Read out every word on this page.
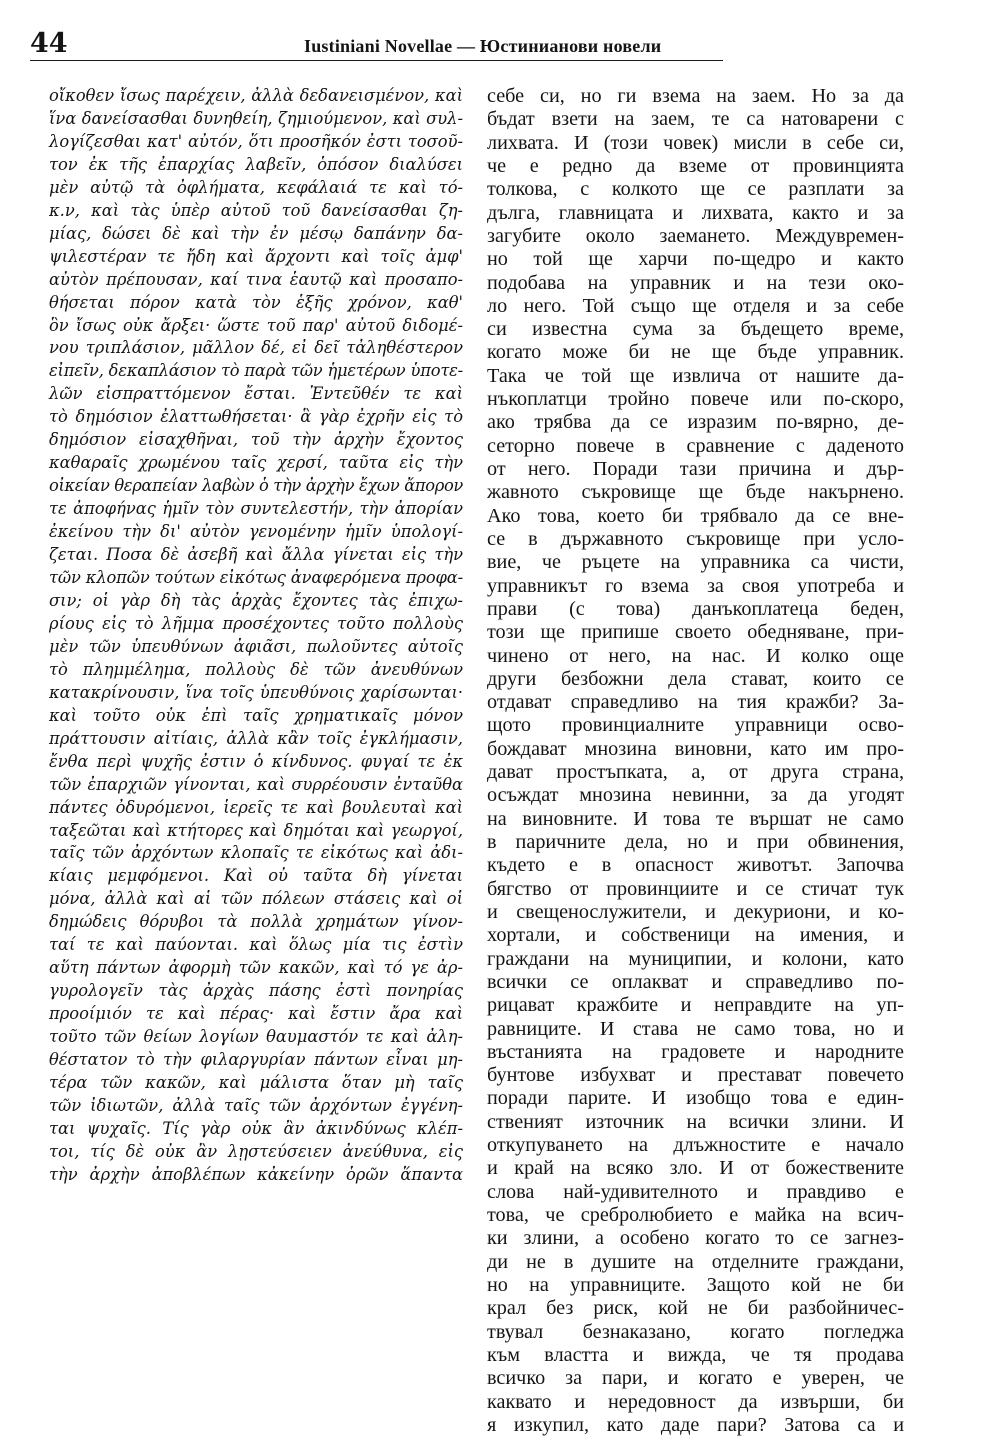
44	Iustiniani Novellae — Юстинианови новели
οἴκοθεν ἴσως παρέχειν, ἀλλὰ δεδανεισμένον, καὶ
ἵνα δανείσασθαι δυνηθείη, ζημιούμενον, καὶ συλ-
λογίζεσθαι κατ' αὐτόν, ὅτι προσῆκόν ἐστι τοσοῦ-
τον ἐκ τῆς ἐπαρχίας λαβεῖν, ὁπόσον διαλύσει
μὲν αὐτῷ τὰ ὀφλήματα, κεφάλαιά τε καὶ τό-
κ.ν, καὶ τὰς ὑπὲρ αὐτοῦ τοῦ δανείσασθαι ζη-
μίας, δώσει δὲ καὶ τὴν ἐν μέσῳ δαπάνην δα-
ψιλεστέραν τε ἤδη καὶ ἄρχοντι καὶ τοῖς ἀμφ'
αὐτὸν πρέπουσαν, καί τινα ἑαυτῷ καὶ προσαπο-
θήσεται πόρον κατὰ τὸν ἑξῆς χρόνον, καθ'
ὃν ἴσως οὐκ ἄρξει· ὥστε τοῦ παρ' αὐτοῦ διδομέ-
νου τριπλάσιον, μᾶλλον δέ, εἰ δεῖ τἀληθέστερον
εἰπεῖν, δεκαπλάσιον τὸ παρὰ τῶν ἡμετέρων ὑποτε-
λῶν εἰσπραττόμενον ἔσται. Ἐντεῦθέν τε καὶ
τὸ δημόσιον ἐλαττωθήσεται· ἃ γὰρ ἐχρῆν εἰς τὸ
δημόσιον εἰσαχθῆναι, τοῦ τὴν ἀρχὴν ἔχοντος
καθαραῖς χρωμένου ταῖς χερσί, ταῦτα εἰς τὴν
οἰκείαν θεραπείαν λαβὼν ὁ τὴν ἀρχὴν ἔχων ἄπορον
τε ἀποφήνας ἡμῖν τὸν συντελεστήν, τὴν ἀπορίαν
ἐκείνου τὴν δι' αὐτὸν γενομένην ἡμῖν ὑπολογί-
ζεται. Ποσα δὲ ἀσεβῆ καὶ ἄλλα γίνεται εἰς τὴν
τῶν κλοπῶν τούτων εἰκότως ἀναφερόμενα προφα-
σιν; οἱ γὰρ δὴ τὰς ἀρχὰς ἔχοντες τὰς ἐπιχω-
ρίους εἰς τὸ λῆμμα προσέχοντες τοῦτο πολλοὺς
μὲν τῶν ὑπευθύνων ἀφιᾶσι, πωλοῦντες αὐτοῖς
τὸ πλημμέλημα, πολλοὺς δὲ τῶν ἀνευθύνων
κατακρίνουσιν, ἵνα τοῖς ὑπευθύνοις χαρίσωνται·
καὶ τοῦτο οὐκ ἐπὶ ταῖς χρηματικαῖς μόνον
πράττουσιν αἰτίαις, ἀλλὰ κἂν τοῖς ἐγκλήμασιν,
ἔνθα περὶ ψυχῆς ἐστιν ὁ κίνδυνος. φυγαί τε ἐκ
τῶν ἐπαρχιῶν γίνονται, καὶ συρρέουσιν ἐνταῦθα
πάντες ὀδυρόμενοι, ἱερεῖς τε καὶ βουλευταὶ καὶ
ταξεῶται καὶ κτήτορες καὶ δημόται καὶ γεωργοί,
ταῖς τῶν ἀρχόντων κλοπαῖς τε εἰκότως καὶ ἀδι-
κίαις μεμφόμενοι. Καὶ οὐ ταῦτα δὴ γίνεται
μόνα, ἀλλὰ καὶ αἱ τῶν πόλεων στάσεις καὶ οἱ
δημώδεις θόρυβοι τὰ πολλὰ χρημάτων γίνον-
ταί τε καὶ παύονται. καὶ ὅλως μία τις ἐστὶν
αὕτη πάντων ἀφορμὴ τῶν κακῶν, καὶ τό γε ἀρ-
γυρολογεῖν τὰς ἀρχὰς πάσης ἐστὶ πονηρίας
προοίμιόν τε καὶ πέρας· καὶ ἔστιν ἄρα καὶ
τοῦτο τῶν θείων λογίων θαυμαστόν τε καὶ ἀλη-
θέστατον τὸ τὴν φιλαργυρίαν πάντων εἶναι μη-
τέρα τῶν κακῶν, καὶ μάλιστα ὅταν μὴ ταῖς
τῶν ἰδιωτῶν, ἀλλὰ ταῖς τῶν ἀρχόντων ἐγγένη-
ται ψυχαῖς. Τίς γὰρ οὐκ ἂν ἀκινδύνως κλέπ-
τοι, τίς δὲ οὐκ ἂν λῃστεύσειεν ἀνεύθυνα, εἰς
τὴν ἀρχὴν ἀποβλέπων κἀκείνην ὁρῶν ἅπαντα
себе си, но ги взема на заем. Но за да
бъдат взети на заем, те са натоварени с
лихвата. И (този човек) мисли в себе си,
че е редно да вземе от провинцията
толкова, с колкото ще се разплати за
дълга, главницата и лихвата, както и за
загубите около заемането. Междувремен-
но той ще харчи по-щедро и както
подобава на управник и на тези око-
ло него. Той също ще отделя и за себе
си известна сума за бъдещето време,
когато може би не ще бъде управник.
Така че той ще извлича от нашите да-
нъкоплатци тройно повече или по-скоро,
ако трябва да се изразим по-вярно, де-
сеторно повече в сравнение с даденото
от него. Поради тази причина и дър-
жавното съкровище ще бъде накърнено.
Ако това, което би трябвало да се вне-
се в държавното съкровище при усло-
вие, че ръцете на управника са чисти,
управникът го взема за своя употреба и
прави (с това) данъкоплатеца беден,
този ще припише своето обедняване, при-
чинено от него, на нас. И колко още
други безбожни дела стават, които се
отдават справедливо на тия кражби? За-
щото провинциалните управници осво-
бождават мнозина виновни, като им про-
дават простъпката, а, от друга страна,
осъждат мнозина невинни, за да угодят
на виновните. И това те вършат не само
в паричните дела, но и при обвинения,
където е в опасност животът. Започва
бягство от провинциите и се стичат тук
и свещенослужители, и декуриони, и ко-
хортали, и собственици на имения, и
граждани на муниципии, и колони, като
всички се оплакват и справедливо по-
рицават кражбите и неправдите на уп-
равниците. И става не само това, но и
въстанията на градовете и народните
бунтове избухват и престават повечето
поради парите. И изобщо това е един-
ственият източник на всички злини. И
откупуването на длъжностите е начало
и край на всяко зло. И от божествените
слова най-удивителното и правдиво е
това, че сребролюбието е майка на всич-
ки злини, а особено когато то се загнез-
ди не в душите на отделните граждани,
но на управниците. Защото кой не би
крал без риск, кой не би разбойничес-
твувал безнаказано, когато погледжа
към властта и вижда, че тя продава
всичко за пари, и когато е уверен, че
каквато и нередовност да извърши, би
я изкупил, като даде пари? Затова са и
